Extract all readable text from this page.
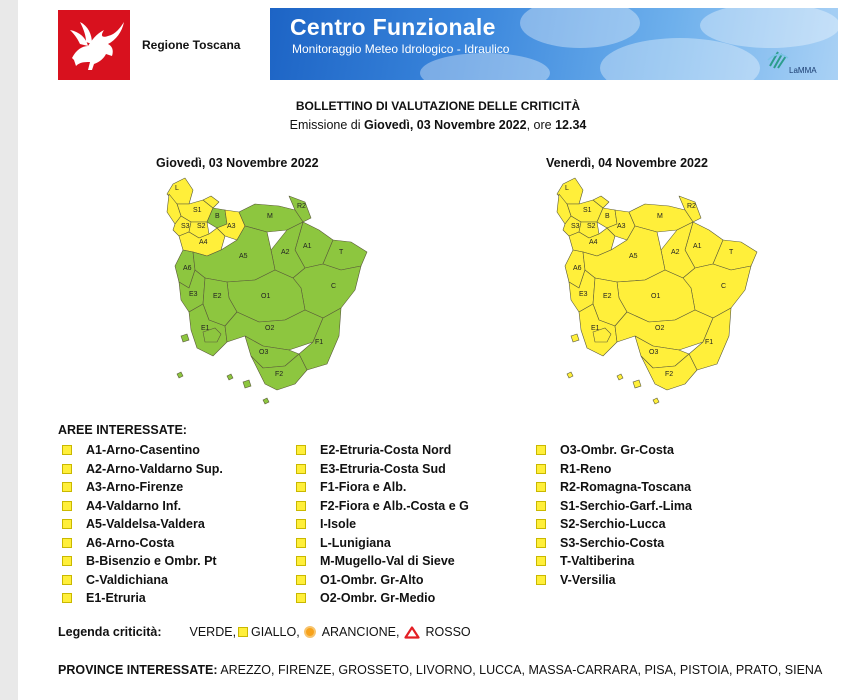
Regione Toscana
Centro Funzionale
Monitoraggio Meteo Idrologico - Idraulico
LaMMA
BOLLETTINO DI VALUTAZIONE DELLE CRITICITÀ
Emissione di Giovedì, 03 Novembre 2022, ore 12.34
Giovedì, 03 Novembre 2022	Venerdì, 04 Novembre 2022
L
S1
S2
S3
A4
A3
R2
M
B
A1
A2	T
A5
A6
C
E3 E2	O1
E1	O2
O3
F1
F2
L
S1
S2
S3
A4
A3
R2
M
B
A1
A2	T
A5
A6
C
E3 E2	O1
E1	O2
O3
F1
F2
AREE INTERESSATE:
A1-Arno-Casentino
A2-Arno-Valdarno Sup.
A3-Arno-Firenze
A4-Valdarno Inf.
A5-Valdelsa-Valdera
A6-Arno-Costa
B-Bisenzio e Ombr. Pt
C-Valdichiana
E1-Etruria
E2-Etruria-Costa Nord
E3-Etruria-Costa Sud
F1-Fiora e Alb.
F2-Fiora e Alb.-Costa e G
I-Isole
L-Lunigiana
M-Mugello-Val di Sieve
O1-Ombr. Gr-Alto
O2-Ombr. Gr-Medio
O3-Ombr. Gr-Costa
R1-Reno
R2-Romagna-Toscana
S1-Serchio-Garf.-Lima
S2-Serchio-Lucca
S3-Serchio-Costa
T-Valtiberina
V-Versilia
Legenda criticità: VERDE, GIALLO, ARANCIONE, ROSSO
PROVINCE INTERESSATE: AREZZO, FIRENZE, GROSSETO, LIVORNO, LUCCA, MASSA-CARRARA, PISA, PISTOIA, PRATO, SIENA
